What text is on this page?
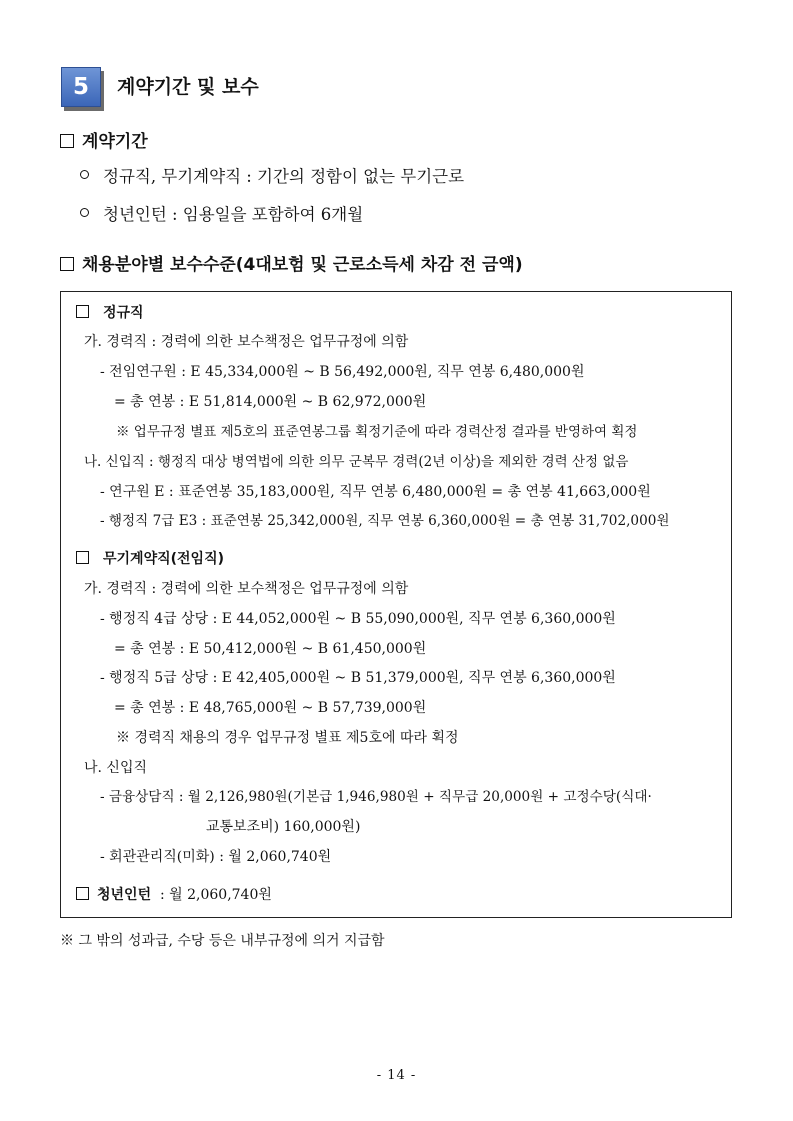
5	계약기간 및 보수
계약기간
정규직, 무기계약직 : 기간의 정함이 없는 무기근로
청년인턴 : 임용일을 포함하여 6개월
채용분야별 보수수준(4대보험 및 근로소득세 차감 전 금액)
정규직
가. 경력직 : 경력에 의한 보수책정은 업무규정에 의함
- 전임연구원 : E 45,334,000원 ~ B 56,492,000원, 직무 연봉 6,480,000원
= 총 연봉 : E 51,814,000원 ~ B 62,972,000원
※ 업무규정 별표 제5호의 표준연봉그룹 획정기준에 따라 경력산정 결과를 반영하여 획정
나. 신입직 : 행정직 대상 병역법에 의한 의무 군복무 경력(2년 이상)을 제외한 경력 산정 없음
- 연구원 E : 표준연봉 35,183,000원, 직무 연봉 6,480,000원 = 총 연봉 41,663,000원
- 행정직 7급 E3 : 표준연봉 25,342,000원, 직무 연봉 6,360,000원 = 총 연봉 31,702,000원
무기계약직(전임직)
가. 경력직 : 경력에 의한 보수책정은 업무규정에 의함
- 행정직 4급 상당 : E 44,052,000원 ~ B 55,090,000원, 직무 연봉 6,360,000원
= 총 연봉 : E 50,412,000원 ~ B 61,450,000원
- 행정직 5급 상당 : E 42,405,000원 ~ B 51,379,000원, 직무 연봉 6,360,000원
= 총 연봉 : E 48,765,000원 ~ B 57,739,000원
※ 경력직 채용의 경우 업무규정 별표 제5호에 따라 획정
나. 신입직
- 금융상담직 : 월 2,126,980원(기본급 1,946,980원 + 직무급 20,000원 + 고정수당(식대·
교통보조비) 160,000원)
- 회관관리직(미화) : 월 2,060,740원
청년인턴 : 월 2,060,740원
※ 그 밖의 성과급, 수당 등은 내부규정에 의거 지급함
- 14 -
